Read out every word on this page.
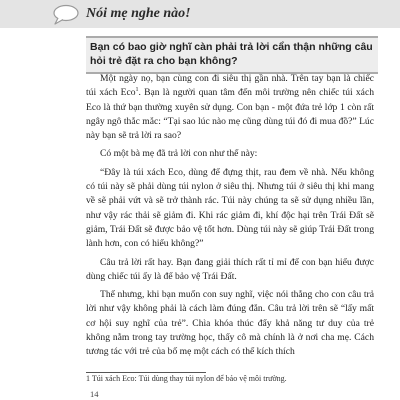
Nói mẹ nghe nào!
Bạn có bao giờ nghĩ càn phải trả lời cẩn thận những câu hỏi trẻ đặt ra cho bạn không?

Một ngày nọ, bạn cùng con đi siêu thị gần nhà. Trên tay bạn là chiếc túi xách Eco$^1$. Bạn là người quan tâm đến môi trường nên chiếc túi xách Eco là thứ bạn thường xuyên sử dụng. Con bạn - một đứa trẻ lớp 1 còn rất ngây ngô thắc mắc: “Tại sao lúc nào mẹ cũng dùng túi đó đi mua đồ?” Lúc này bạn sẽ trả lời ra sao?

Có một bà mẹ đã trả lời con như thế này:

“Đây là túi xách Eco, dùng để đựng thịt, rau đem về nhà. Nếu không có túi này sẽ phải dùng túi nylon ở siêu thị. Nhưng túi ở siêu thị khi mang về sẽ phải vứt và sẽ trở thành rác. Túi này chúng ta sẽ sử dụng nhiều lần, như vậy rác thải sẽ giảm đi. Khi rác giảm đi, khí độc hại trên Trái Đất sẽ giảm, Trái Đất sẽ được bảo vệ tốt hơn. Dùng túi này sẽ giúp Trái Đất trong lành hơn, con có hiểu không?”

Câu trả lời rất hay. Bạn đang giải thích rất tỉ mỉ để con bạn hiểu được dùng chiếc túi ấy là để bảo vệ Trái Đất.

Thế nhưng, khi bạn muốn con suy nghĩ, việc nói thẳng cho con câu trả lời như vậy không phải là cách làm đúng đắn. Câu trả lời trên sẽ “lấy mất cơ hội suy nghĩ của trẻ”. Chìa khóa thúc đẩy khả năng tư duy của trẻ không nằm trong tay trường học, thấy cô mà chính là ở nơi cha mẹ. Cách tương tác với trẻ của bố mẹ một cách có thể kích thích

1 Túi xách Eco: Túi dùng thay túi nylon để bảo vệ môi trường.
14
